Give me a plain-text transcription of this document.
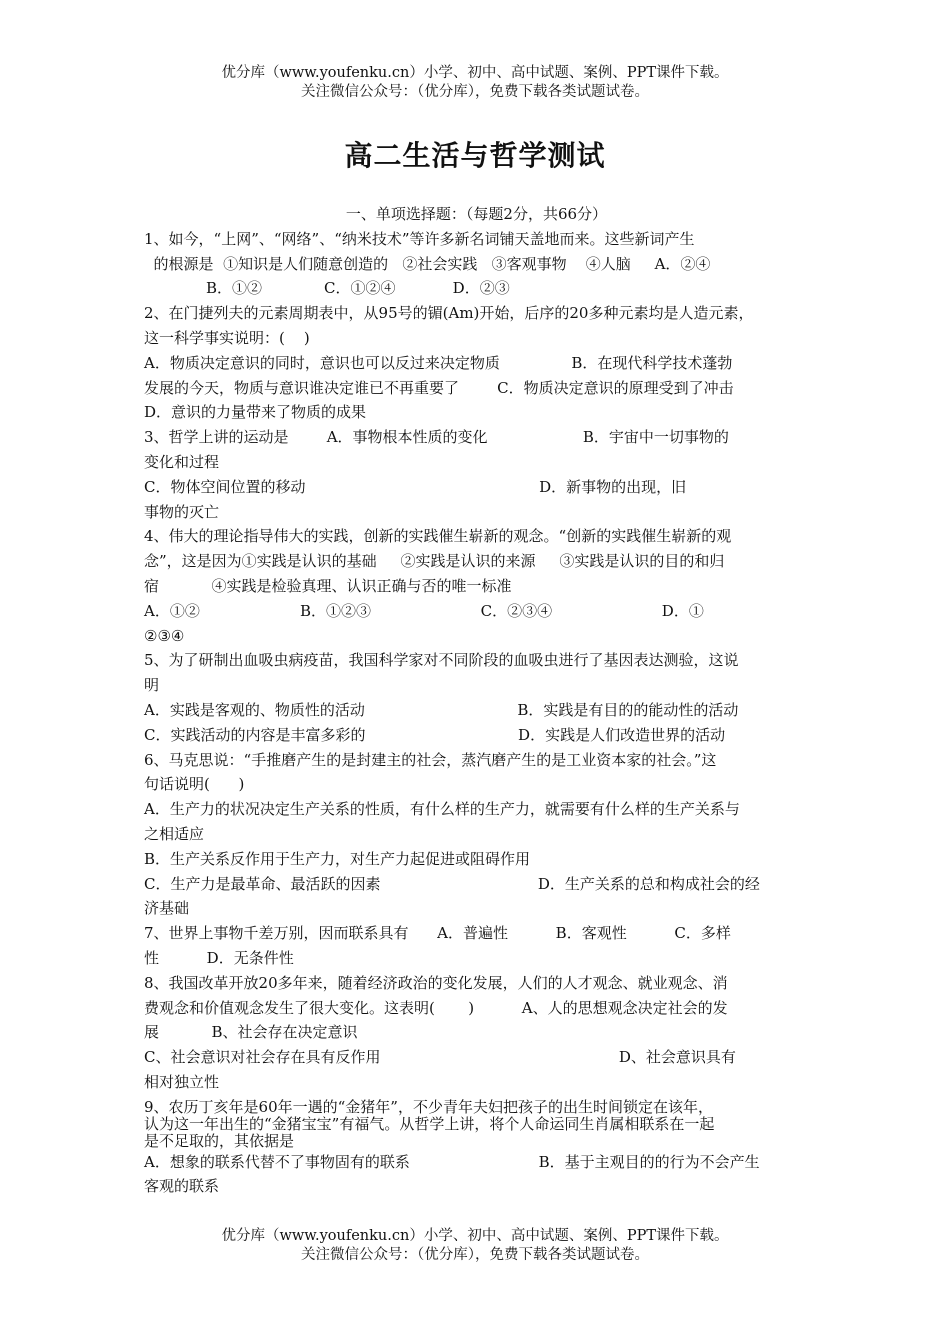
优分库（www.youfenku.cn）小学、初中、高中试题、案例、PPT课件下载。
关注微信公众号：（优分库），免费下载各类试题试卷。
高二生活与哲学测试

一、单项选择题：（每题2分，共66分）

1、如今，“上网”、“网络”、“纳米技术”等许多新名词铺天盖地而来。这些新词产生

的根源是  ①知识是人们随意创造的   ②社会实践   ③客观事物    ④人脑     A．②④

B．①②             C．①②④            D．②③

2、在门捷列夫的元素周期表中，从95号的镅(Am)开始，后序的20多种元素均是人造元素，

这一科学事实说明：(    )

A．物质决定意识的同时，意识也可以反过来决定物质               B．在现代科学技术蓬勃

发展的今天，物质与意识谁决定谁已不再重要了        C．物质决定意识的原理受到了冲击

D．意识的力量带来了物质的成果

3、哲学上讲的运动是        A．事物根本性质的变化                    B．宇宙中一切事物的

变化和过程

C．物体空间位置的移动                                                 D．新事物的出现，旧

事物的灭亡

4、伟大的理论指导伟大的实践，创新的实践催生崭新的观念。“创新的实践催生崭新的观

念”，这是因为①实践是认识的基础     ②实践是认识的来源     ③实践是认识的目的和归

宿           ④实践是检验真理、认识正确与否的唯一标准

A．①②                     B．①②③                       C．②③④                       D．①

②③④

5、为了研制出血吸虫病疫苗，我国科学家对不同阶段的血吸虫进行了基因表达测验，这说

明

A．实践是客观的、物质性的活动                                B．实践是有目的的能动性的活动

C．实践活动的内容是丰富多彩的                                D．实践是人们改造世界的活动

6、马克思说：“手推磨产生的是封建主的社会，蒸汽磨产生的是工业资本家的社会。”这

句话说明(      )

A．生产力的状况决定生产关系的性质，有什么样的生产力，就需要有什么样的生产关系与

之相适应

B．生产关系反作用于生产力，对生产力起促进或阻碍作用

C．生产力是最革命、最活跃的因素                                 D．生产关系的总和构成社会的经

济基础

7、世界上事物千差万别，因而联系具有      A．普遍性          B．客观性          C．多样

性          D．无条件性

8、我国改革开放20多年来，随着经济政治的变化发展，人们的人才观念、就业观念、消

费观念和价值观念发生了很大变化。这表明(       )          A、人的思想观念决定社会的发

展           B、社会存在决定意识

C、社会意识对社会存在具有反作用                                                  D、社会意识具有

相对独立性

9、农历丁亥年是60年一遇的“金猪年”，不少青年夫妇把孩子的出生时间锁定在该年，

认为这一年出生的“金猪宝宝”有福气。从哲学上讲，将个人命运同生肖属相联系在一起

是不足取的，其依据是

A．想象的联系代替不了事物固有的联系                           B．基于主观目的的行为不会产生

客观的联系

优分库（www.youfenku.cn）小学、初中、高中试题、案例、PPT课件下载。
关注微信公众号：（优分库），免费下载各类试题试卷。
